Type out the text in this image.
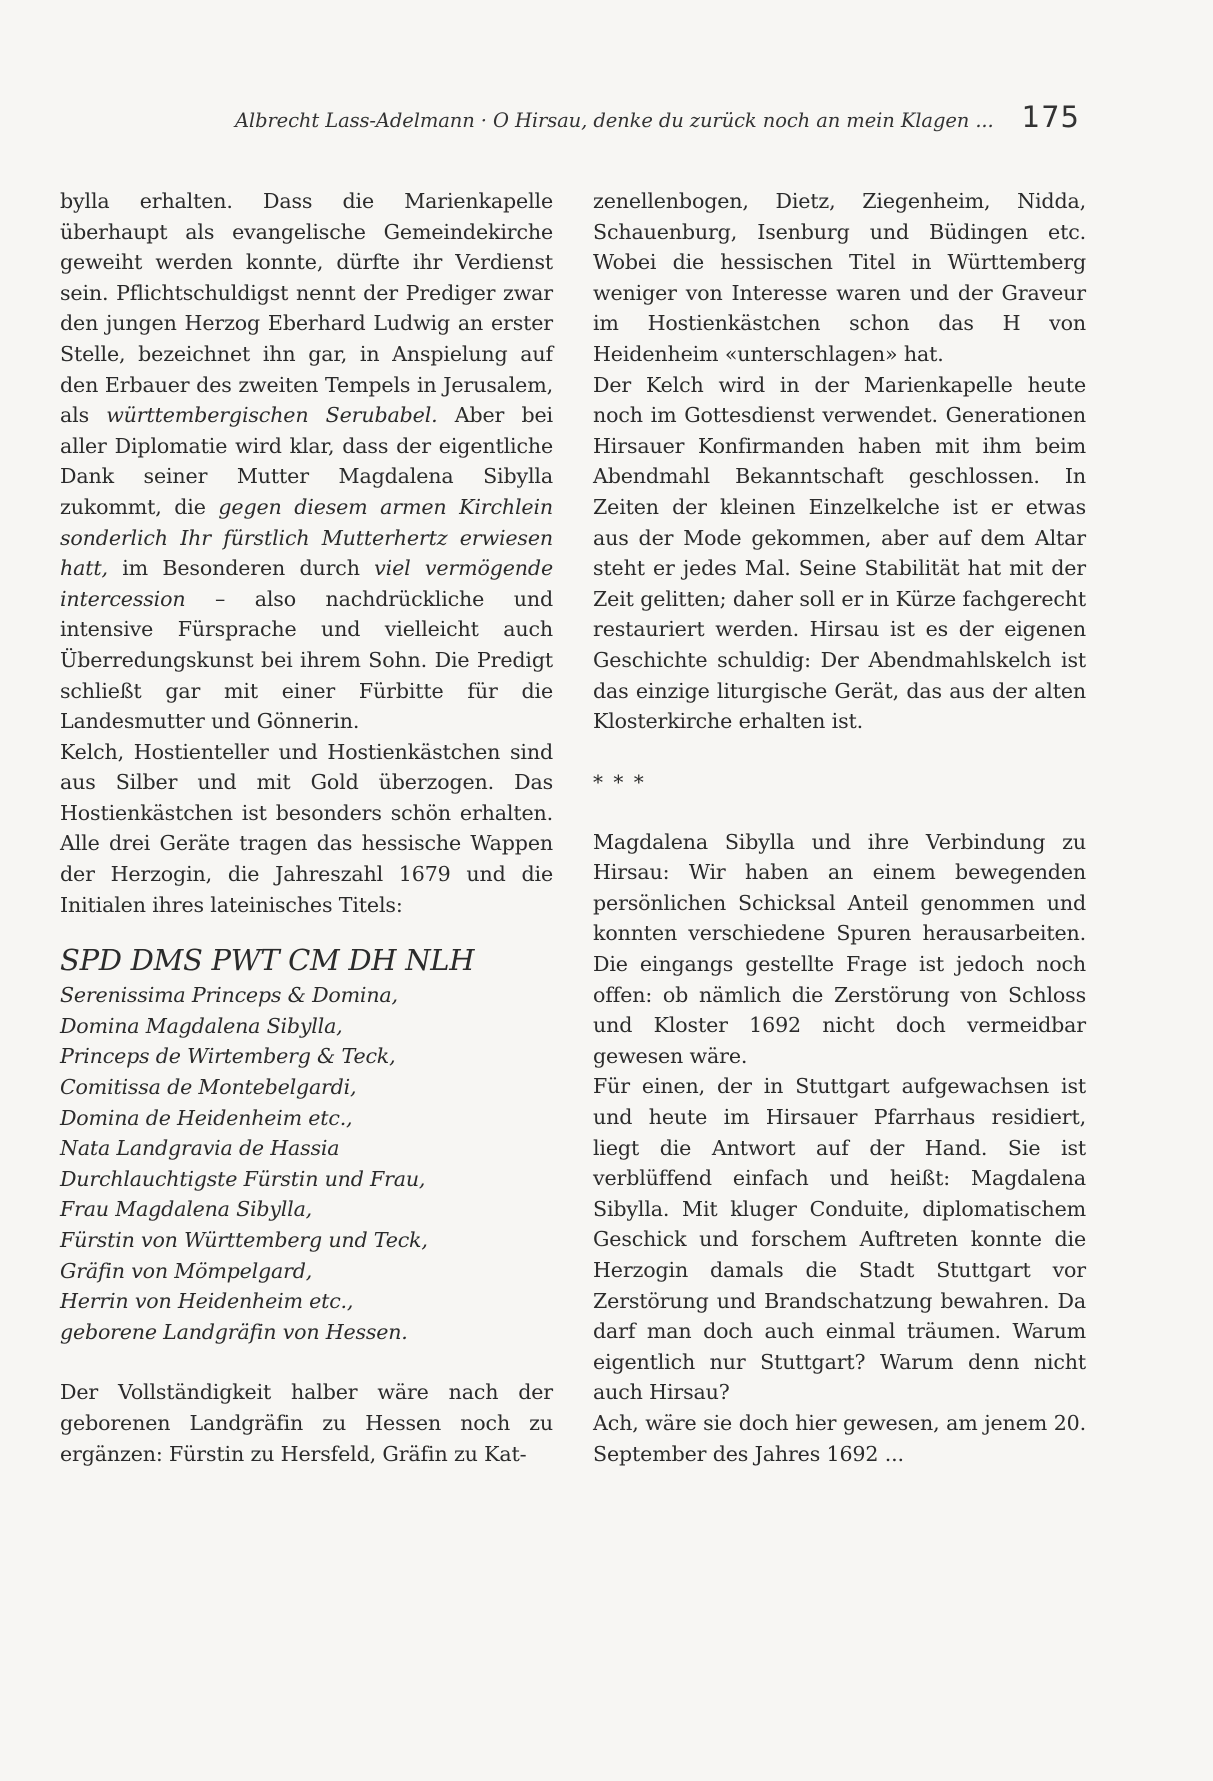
Albrecht Lass-Adelmann · O Hirsau, denke du zurück noch an mein Klagen ... 175

bylla erhalten. Dass die Marienkapelle überhaupt als evangelische Gemeindekirche geweiht werden konnte, dürfte ihr Verdienst sein. Pflichtschuldigst nennt der Prediger zwar den jungen Herzog Eberhard Ludwig an erster Stelle, bezeichnet ihn gar, in Anspielung auf den Erbauer des zweiten Tempels in Jerusalem, als württembergischen Serubabel. Aber bei aller Diplomatie wird klar, dass der eigentliche Dank seiner Mutter Magdalena Sibylla zukommt, die gegen diesem armen Kirchlein sonderlich Ihr fürstlich Mutterhertz erwiesen hatt, im Besonderen durch viel vermögende intercession – also nachdrückliche und intensive Fürsprache und vielleicht auch Überredungskunst bei ihrem Sohn. Die Predigt schließt gar mit einer Fürbitte für die Landesmutter und Gönnerin.

Kelch, Hostienteller und Hostienkästchen sind aus Silber und mit Gold überzogen. Das Hostienkästchen ist besonders schön erhalten. Alle drei Geräte tragen das hessische Wappen der Herzogin, die Jahreszahl 1679 und die Initialen ihres lateinisches Titels:

SPD DMS PWT CM DH NLH

Serenissima Princeps & Domina,
Domina Magdalena Sibylla,
Princeps de Wirtemberg & Teck,
Comitissa de Montebelgardi,
Domina de Heidenheim etc.,
Nata Landgravia de Hassia
Durchlauchtigste Fürstin und Frau,
Frau Magdalena Sibylla,
Fürstin von Württemberg und Teck,
Gräfin von Mömpelgard,
Herrin von Heidenheim etc.,
geborene Landgräfin von Hessen.

Der Vollständigkeit halber wäre nach der geborenen Landgräfin zu Hessen noch zu ergänzen: Fürstin zu Hersfeld, Gräfin zu Kat-

zenellenbogen, Dietz, Ziegenheim, Nidda, Schauenburg, Isenburg und Büdingen etc. Wobei die hessischen Titel in Württemberg weniger von Interesse waren und der Graveur im Hostienkästchen schon das H von Heidenheim «unterschlagen» hat.

Der Kelch wird in der Marienkapelle heute noch im Gottesdienst verwendet. Generationen Hirsauer Konfirmanden haben mit ihm beim Abendmahl Bekanntschaft geschlossen. In Zeiten der kleinen Einzelkelche ist er etwas aus der Mode gekommen, aber auf dem Altar steht er jedes Mal. Seine Stabilität hat mit der Zeit gelitten; daher soll er in Kürze fachgerecht restauriert werden. Hirsau ist es der eigenen Geschichte schuldig: Der Abendmahlskelch ist das einzige liturgische Gerät, das aus der alten Klosterkirche erhalten ist.

* * *

Magdalena Sibylla und ihre Verbindung zu Hirsau: Wir haben an einem bewegenden persönlichen Schicksal Anteil genommen und konnten verschiedene Spuren herausarbeiten. Die eingangs gestellte Frage ist jedoch noch offen: ob nämlich die Zerstörung von Schloss und Kloster 1692 nicht doch vermeidbar gewesen wäre.

Für einen, der in Stuttgart aufgewachsen ist und heute im Hirsauer Pfarrhaus residiert, liegt die Antwort auf der Hand. Sie ist verblüffend einfach und heißt: Magdalena Sibylla. Mit kluger Conduite, diplomatischem Geschick und forschem Auftreten konnte die Herzogin damals die Stadt Stuttgart vor Zerstörung und Brandschatzung bewahren. Da darf man doch auch einmal träumen. Warum eigentlich nur Stuttgart? Warum denn nicht auch Hirsau?

Ach, wäre sie doch hier gewesen, am jenem 20. September des Jahres 1692 ...
